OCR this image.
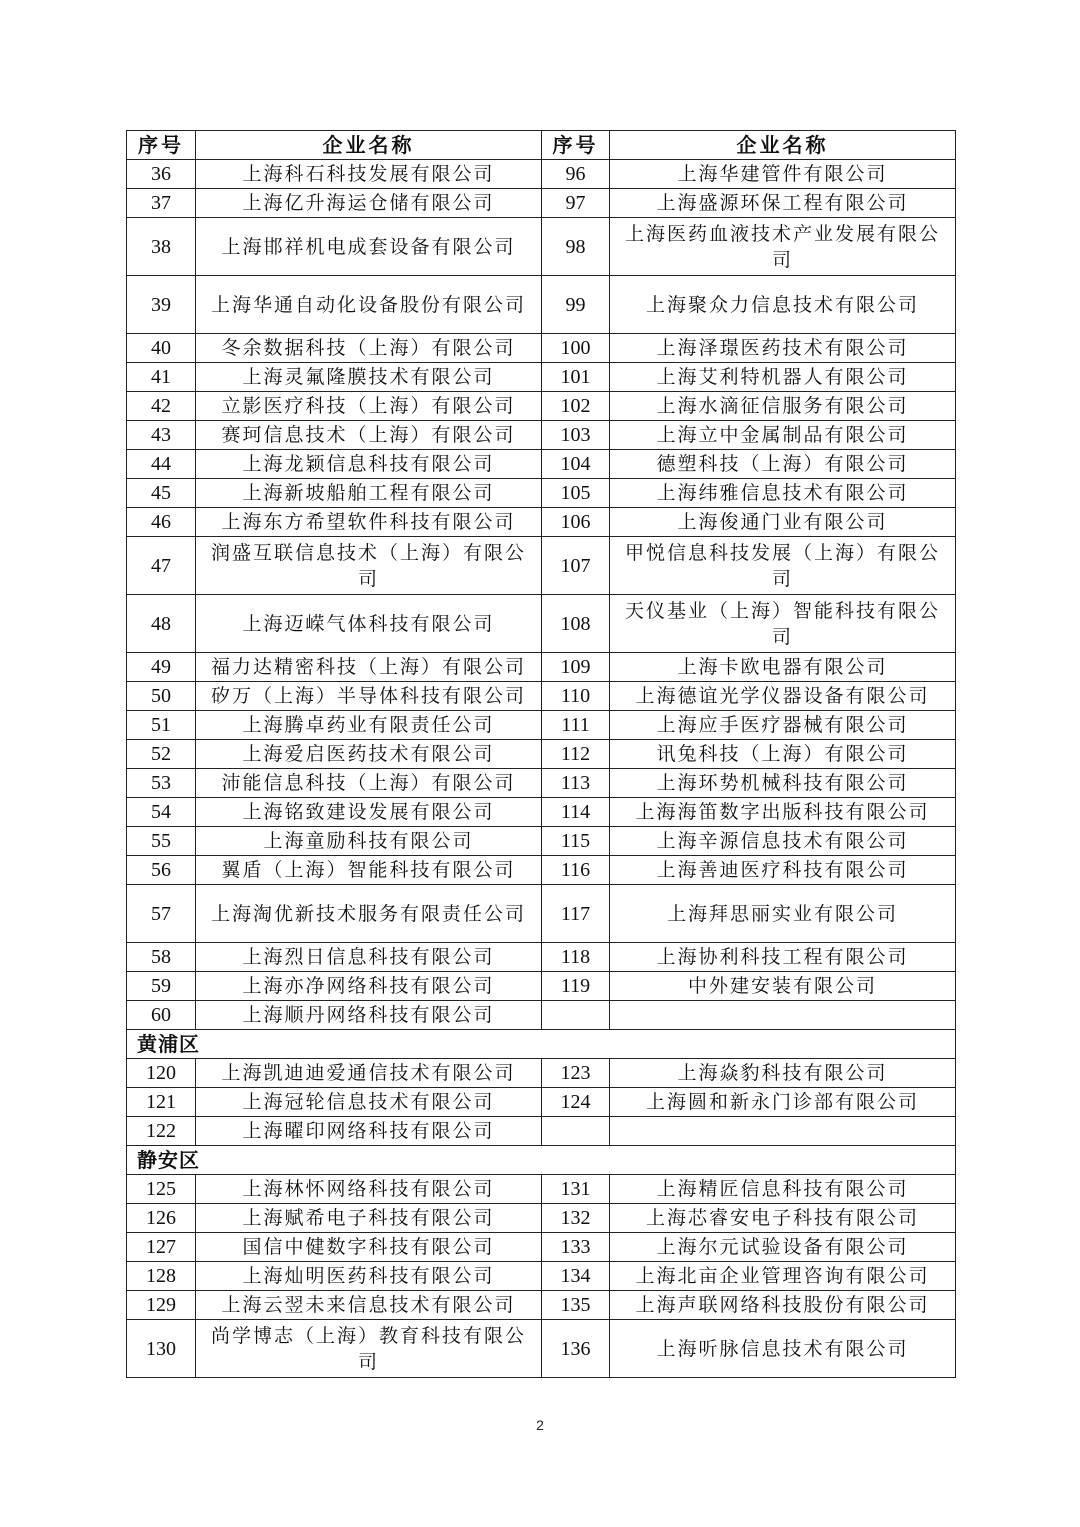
序号	企业名称	序号	企业名称
36	上海科石科技发展有限公司	96	上海华建管件有限公司
37	上海亿升海运仓储有限公司	97	上海盛源环保工程有限公司
38	上海邯祥机电成套设备有限公司	98	上海医药血液技术产业发展有限公司
39	上海华通自动化设备股份有限公司	99	上海聚众力信息技术有限公司
40	冬余数据科技（上海）有限公司	100	上海泽璟医药技术有限公司
41	上海灵氟隆膜技术有限公司	101	上海艾利特机器人有限公司
42	立影医疗科技（上海）有限公司	102	上海水滴征信服务有限公司
43	赛珂信息技术（上海）有限公司	103	上海立中金属制品有限公司
44	上海龙颖信息科技有限公司	104	德塑科技（上海）有限公司
45	上海新坡船舶工程有限公司	105	上海纬雅信息技术有限公司
46	上海东方希望软件科技有限公司	106	上海俊通门业有限公司
47	润盛互联信息技术（上海）有限公司	107	甲悦信息科技发展（上海）有限公司
48	上海迈嵘气体科技有限公司	108	天仪基业（上海）智能科技有限公司
49	福力达精密科技（上海）有限公司	109	上海卡欧电器有限公司
50	矽万（上海）半导体科技有限公司	110	上海德谊光学仪器设备有限公司
51	上海腾卓药业有限责任公司	111	上海应手医疗器械有限公司
52	上海爱启医药技术有限公司	112	讯兔科技（上海）有限公司
53	沛能信息科技（上海）有限公司	113	上海环势机械科技有限公司
54	上海铭致建设发展有限公司	114	上海海笛数字出版科技有限公司
55	上海童励科技有限公司	115	上海辛源信息技术有限公司
56	翼盾（上海）智能科技有限公司	116	上海善迪医疗科技有限公司
57	上海淘优新技术服务有限责任公司	117	上海拜思丽实业有限公司
58	上海烈日信息科技有限公司	118	上海协利科技工程有限公司
59	上海亦净网络科技有限公司	119	中外建安装有限公司
60	上海顺丹网络科技有限公司		
黄浦区			
120	上海凯迪迪爱通信技术有限公司	123	上海焱豹科技有限公司
121	上海冠轮信息技术有限公司	124	上海圆和新永门诊部有限公司
122	上海曜印网络科技有限公司		
静安区			
125	上海林怀网络科技有限公司	131	上海精匠信息科技有限公司
126	上海赋希电子科技有限公司	132	上海芯睿安电子科技有限公司
127	国信中健数字科技有限公司	133	上海尔元试验设备有限公司
128	上海灿明医药科技有限公司	134	上海北亩企业管理咨询有限公司
129	上海云翌未来信息技术有限公司	135	上海声联网络科技股份有限公司
130	尚学博志（上海）教育科技有限公司	136	上海听脉信息技术有限公司
2
